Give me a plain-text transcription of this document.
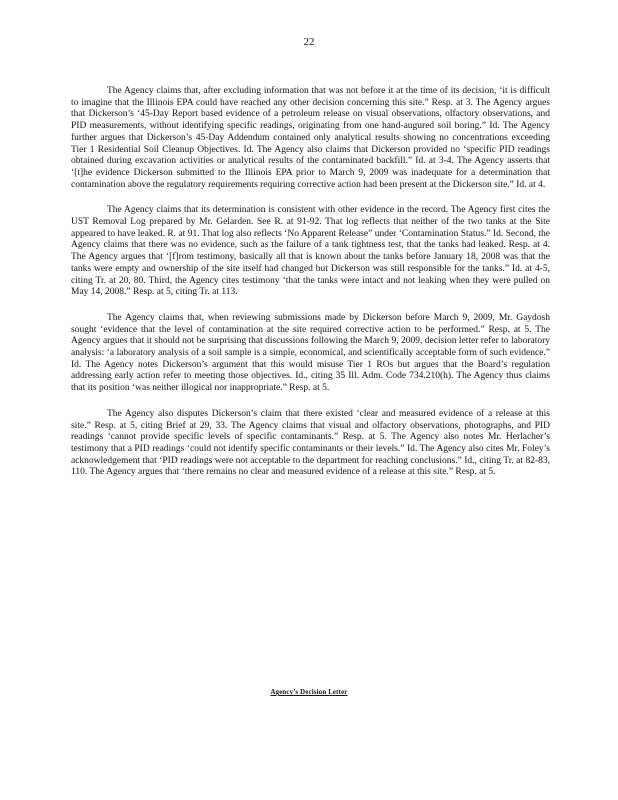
22

The Agency claims that, after excluding information that was not before it at the time of its decision, ‘it is difficult to imagine that the Illinois EPA could have reached any other decision concerning this site.” Resp. at 3. The Agency argues that Dickerson’s ‘45-Day Report based evidence of a petroleum release on visual observations, olfactory observations, and PID measurements, without identifying specific readings, originating from one hand-augured soil boring.” Id. The Agency further argues that Dickerson’s 45-Day Addendum contained only analytical results showing no concentrations exceeding Tier 1 Residential Soil Cleanup Objectives. Id. The Agency also claims that Dickerson provided no ‘specific PID readings obtained during excavation activities or analytical results of the contaminated backfill.” Id. at 3-4. The Agency asserts that ‘[t]he evidence Dickerson submitted to the Illinois EPA prior to March 9, 2009 was inadequate for a determination that contamination above the regulatory requirements requiring corrective action had been present at the Dickerson site.” Id. at 4.

The Agency claims that its determination is consistent with other evidence in the record. The Agency first cites the UST Removal Log prepared by Mr. Gelarden. See R. at 91-92. That log reflects that neither of the two tanks at the Site appeared to have leaked. R. at 91. That log also reflects ‘No Apparent Release” under ‘Contamination Status.” Id. Second, the Agency claims that there was no evidence, such as the failure of a tank tightness test, that the tanks had leaked. Resp. at 4. The Agency argues that ‘[f]rom testimony, basically all that is known about the tanks before January 18, 2008 was that the tanks were empty and ownership of the site itself had changed but Dickerson was still responsible for the tanks.” Id. at 4-5, citing Tr. at 20, 80. Third, the Agency cites testimony ‘that the tanks were intact and not leaking when they were pulled on May 14, 2008.” Resp. at 5, citing Tr. at 113.

The Agency claims that, when reviewing submissions made by Dickerson before March 9, 2009, Mr. Gaydosh sought ‘evidence that the level of contamination at the site required corrective action to be performed.” Resp. at 5. The Agency argues that it should not be surprising that discussions following the March 9, 2009, decision letter refer to laboratory analysis: ‘a laboratory analysis of a soil sample is a simple, economical, and scientifically acceptable form of such evidence.” Id. The Agency notes Dickerson’s argument that this would misuse Tier 1 ROs but argues that the Board’s regulation addressing early action refer to meeting those objectives. Id., citing 35 Ill. Adm. Code 734.210(h). The Agency thus claims that its position ‘was neither illogical nor inappropriate.” Resp. at 5.

The Agency also disputes Dickerson’s claim that there existed ‘clear and measured evidence of a release at this site.” Resp. at 5, citing Brief at 29, 33. The Agency claims that visual and olfactory observations, photographs, and PID readings ‘cannot provide specific levels of specific contaminants.” Resp. at 5. The Agency also notes Mr. Herlacher’s testimony that a PID readings ‘could not identify specific contaminants or their levels.” Id. The Agency also cites Mr. Foley’s acknowledgement that ‘PID readings were not acceptable to the department for reaching conclusions.” Id., citing Tr. at 82-83, 110. The Agency argues that ‘there remains no clear and measured evidence of a release at this site.” Resp. at 5.

Agency’s Decision Letter
